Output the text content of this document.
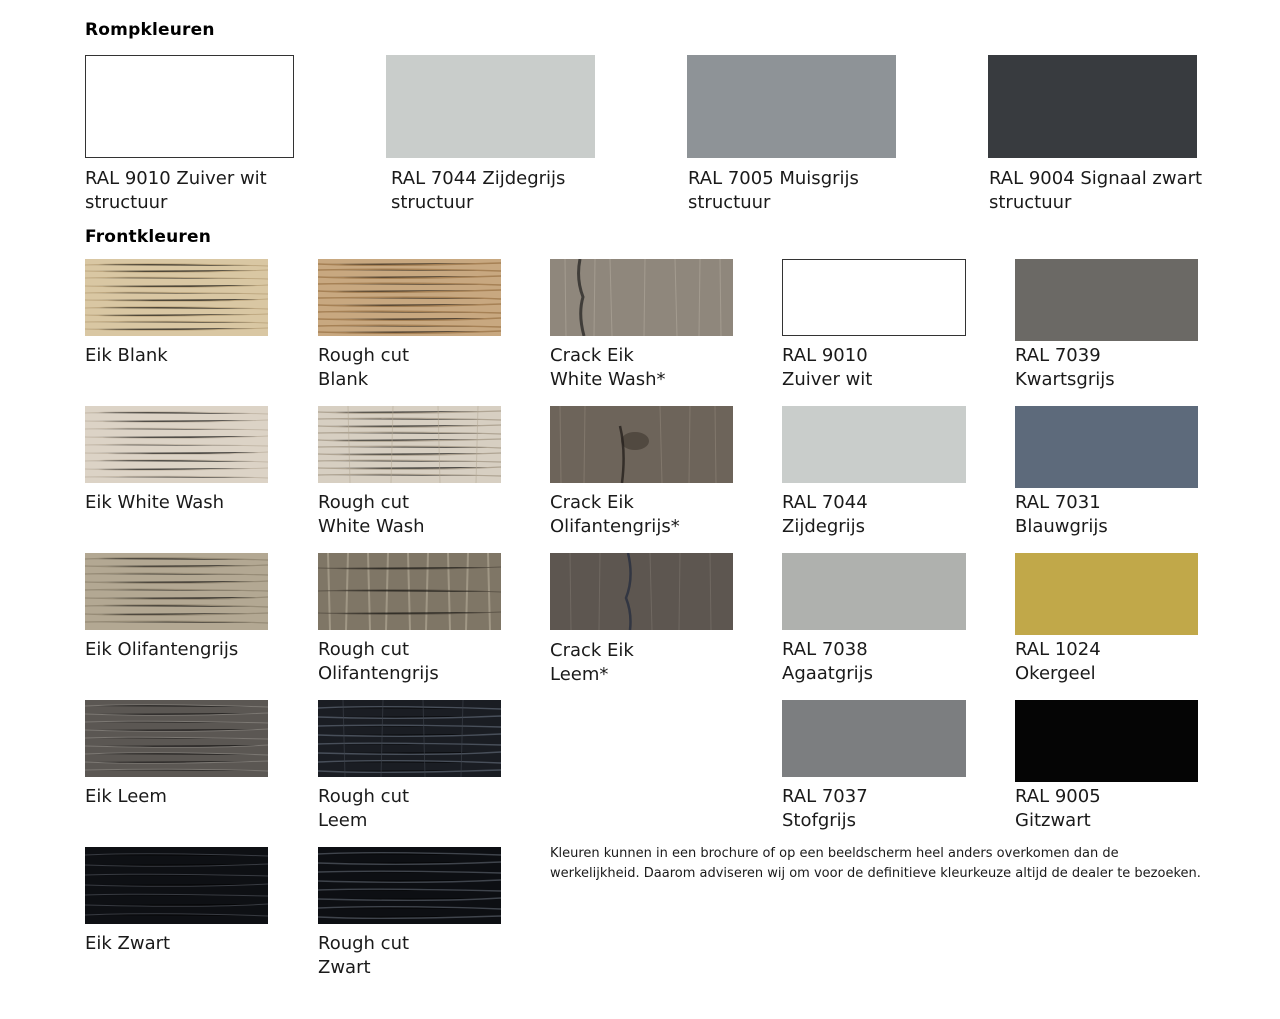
Rompkleuren
RAL 9010 Zuiver wit
structuur
RAL 7044 Zijdegrijs
structuur
RAL 7005 Muisgrijs
structuur
RAL 9004 Signaal zwart
structuur
Frontkleuren
Eik Blank
Eik White Wash
Eik Olifantengrijs
Eik Leem
Eik Zwart
Rough cut
Blank
Rough cut
White Wash
Rough cut
Olifantengrijs
Rough cut
Leem
Rough cut
Zwart
Crack Eik
White Wash*
Crack Eik
Olifantengrijs*
Crack Eik
Leem*
RAL 9010
Zuiver wit
RAL 7044
Zijdegrijs
RAL 7038
Agaatgrijs
RAL 7037
Stofgrijs
RAL 7039
Kwartsgrijs
RAL 7031
Blauwgrijs
RAL 1024
Okergeel
RAL 9005
Gitzwart
Kleuren kunnen in een brochure of op een beeldscherm heel anders overkomen dan de
werkelijkheid. Daarom adviseren wij om voor de definitieve kleurkeuze altijd de dealer te bezoeken.
